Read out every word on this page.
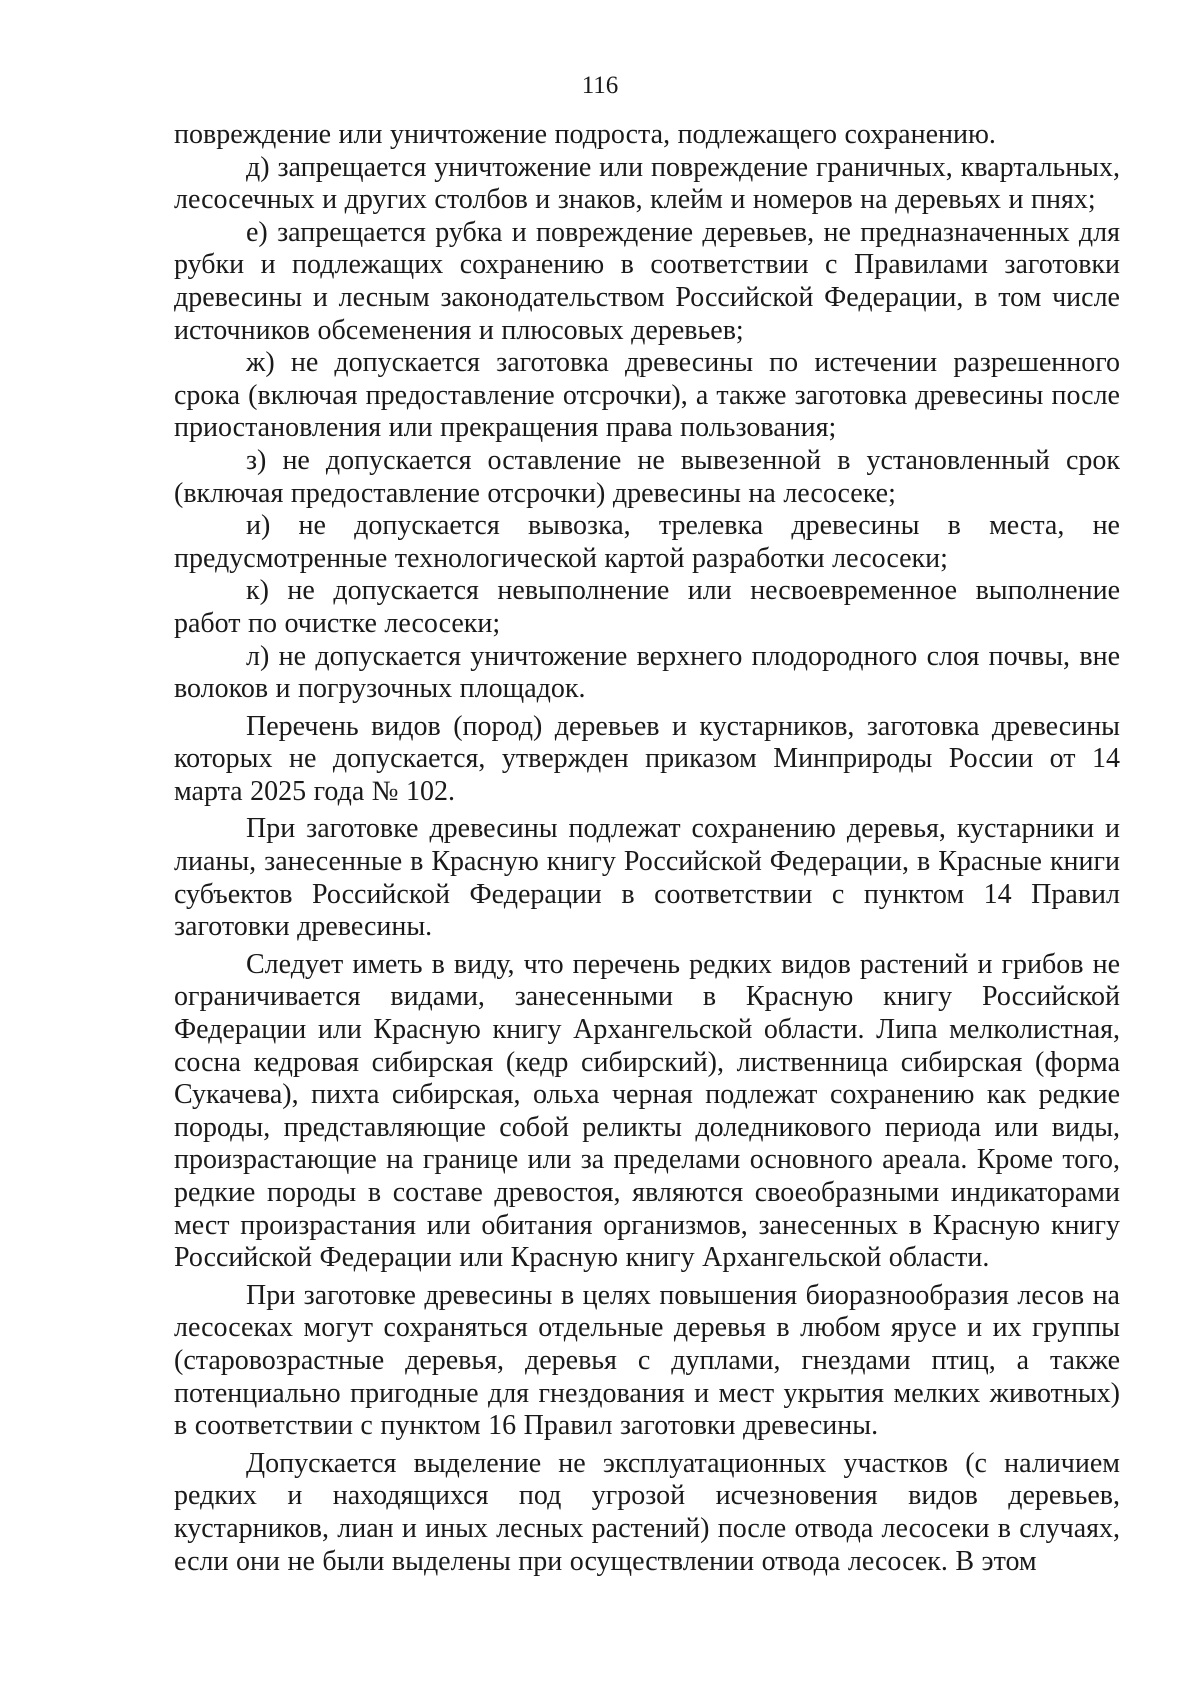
116

повреждение или уничтожение подроста, подлежащего сохранению.

д) запрещается уничтожение или повреждение граничных, квартальных, лесосечных и других столбов и знаков, клейм и номеров на деревьях и пнях;

е) запрещается рубка и повреждение деревьев, не предназначенных для рубки и подлежащих сохранению в соответствии с Правилами заготовки древесины и лесным законодательством Российской Федерации, в том числе источников обсеменения и плюсовых деревьев;

ж) не допускается заготовка древесины по истечении разрешенного срока (включая предоставление отсрочки), а также заготовка древесины после приостановления или прекращения права пользования;

з) не допускается оставление не вывезенной в установленный срок (включая предоставление отсрочки) древесины на лесосеке;

и) не допускается вывозка, трелевка древесины в места, не предусмотренные технологической картой разработки лесосеки;

к) не допускается невыполнение или несвоевременное выполнение работ по очистке лесосеки;

л) не допускается уничтожение верхнего плодородного слоя почвы, вне волоков и погрузочных площадок.

Перечень видов (пород) деревьев и кустарников, заготовка древесины которых не допускается, утвержден приказом Минприроды России от 14 марта 2025 года № 102.

При заготовке древесины подлежат сохранению деревья, кустарники и лианы, занесенные в Красную книгу Российской Федерации, в Красные книги субъектов Российской Федерации в соответствии с пунктом 14 Правил заготовки древесины.

Следует иметь в виду, что перечень редких видов растений и грибов не ограничивается видами, занесенными в Красную книгу Российской Федерации или Красную книгу Архангельской области. Липа мелколистная, сосна кедровая сибирская (кедр сибирский), лиственница сибирская (форма Сукачева), пихта сибирская, ольха черная подлежат сохранению как редкие породы, представляющие собой реликты доледникового периода или виды, произрастающие на границе или за пределами основного ареала. Кроме того, редкие породы в составе древостоя, являются своеобразными индикаторами мест произрастания или обитания организмов, занесенных в Красную книгу Российской Федерации или Красную книгу Архангельской области.

При заготовке древесины в целях повышения биоразнообразия лесов на лесосеках могут сохраняться отдельные деревья в любом ярусе и их группы (старовозрастные деревья, деревья с дуплами, гнездами птиц, а также потенциально пригодные для гнездования и мест укрытия мелких животных) в соответствии с пунктом 16 Правил заготовки древесины.

Допускается выделение не эксплуатационных участков (с наличием редких и находящихся под угрозой исчезновения видов деревьев, кустарников, лиан и иных лесных растений) после отвода лесосеки в случаях, если они не были выделены при осуществлении отвода лесосек. В этом
